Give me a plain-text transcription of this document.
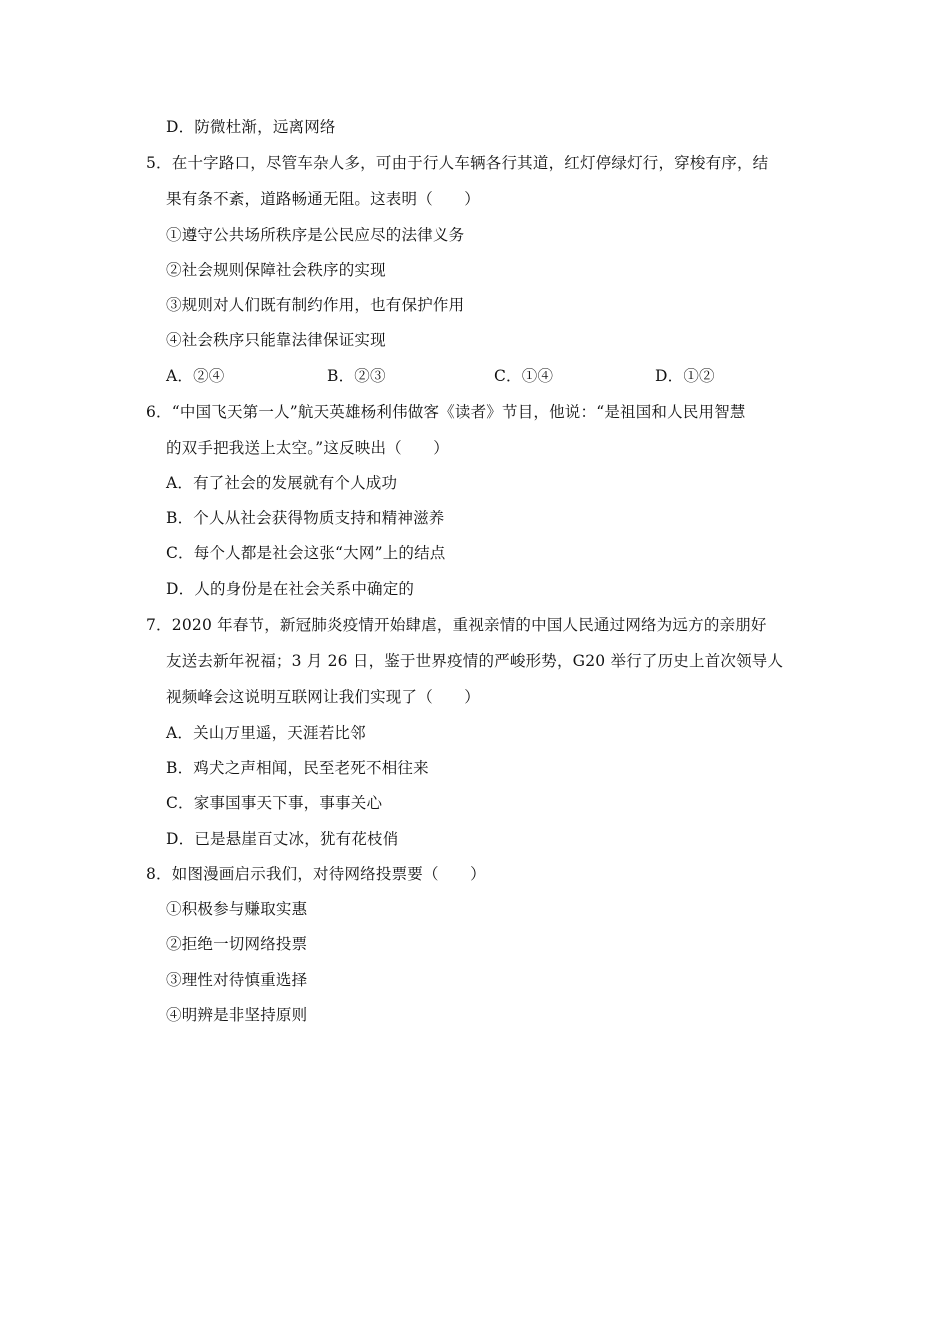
D．防微杜渐，远离网络
5．在十字路口，尽管车杂人多，可由于行人车辆各行其道，红灯停绿灯行，穿梭有序，结
果有条不紊，道路畅通无阻。这表明（　　）
①遵守公共场所秩序是公民应尽的法律义务
②社会规则保障社会秩序的实现
③规则对人们既有制约作用，也有保护作用
④社会秩序只能靠法律保证实现
A．②④	B．②③	C．①④	D．①②
6．“中国飞天第一人”航天英雄杨利伟做客《读者》节目，他说：“是祖国和人民用智慧
的双手把我送上太空。”这反映出（　　）
A．有了社会的发展就有个人成功
B．个人从社会获得物质支持和精神滋养
C．每个人都是社会这张“大网”上的结点
D．人的身份是在社会关系中确定的
7．2020 年春节，新冠肺炎疫情开始肆虐，重视亲情的中国人民通过网络为远方的亲朋好
友送去新年祝福；3 月 26 日，鉴于世界疫情的严峻形势，G20 举行了历史上首次领导人
视频峰会这说明互联网让我们实现了（　　）
A．关山万里遥，天涯若比邻
B．鸡犬之声相闻，民至老死不相往来
C．家事国事天下事，事事关心
D．已是悬崖百丈冰，犹有花枝俏
8．如图漫画启示我们，对待网络投票要（　　）
①积极参与赚取实惠
②拒绝一切网络投票
③理性对待慎重选择
④明辨是非坚持原则
